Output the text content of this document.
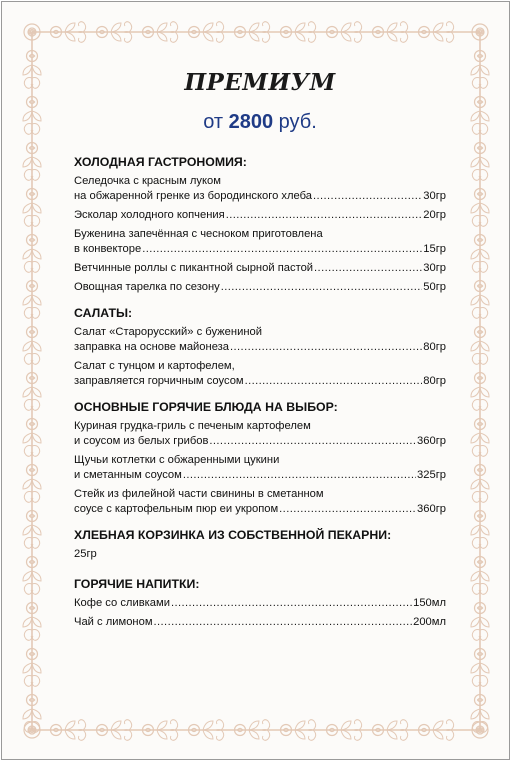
ПРЕМИУМ
от 2800 руб.
ХОЛОДНАЯ ГАСТРОНОМИЯ:
Селедочка с красным луком
на обжаренной гренке из бородинского хлеба .....	30гр
Эсколар холодного копчения .....	20гр
Буженина запечённая с чесноком приготовлена
в конвекторе .....	15гр
Ветчинные роллы с пикантной сырной пастой .....	30гр
Овощная тарелка по сезону .....	50гр
САЛАТЫ:
Салат «Старорусский» с бужениной
заправка на основе майонеза .....	80гр
Салат с тунцом и картофелем,
заправляется горчичным соусом .....	80гр
ОСНОВНЫЕ ГОРЯЧИЕ БЛЮДА НА ВЫБОР:
Куриная грудка-гриль с печеным картофелем
и соусом из белых грибов .....	360гр
Щучьи котлетки с обжаренными цукини
и сметанным соусом .....	325гр
Стейк из филейной части свинины в сметанном
соусе с картофельным пюр еи укропом .....	360гр
ХЛЕБНАЯ КОРЗИНКА ИЗ СОБСТВЕННОЙ ПЕКАРНИ:
25гр
ГОРЯЧИЕ НАПИТКИ:
Кофе со сливками .....	150мл
Чай с лимоном .....	200мл
